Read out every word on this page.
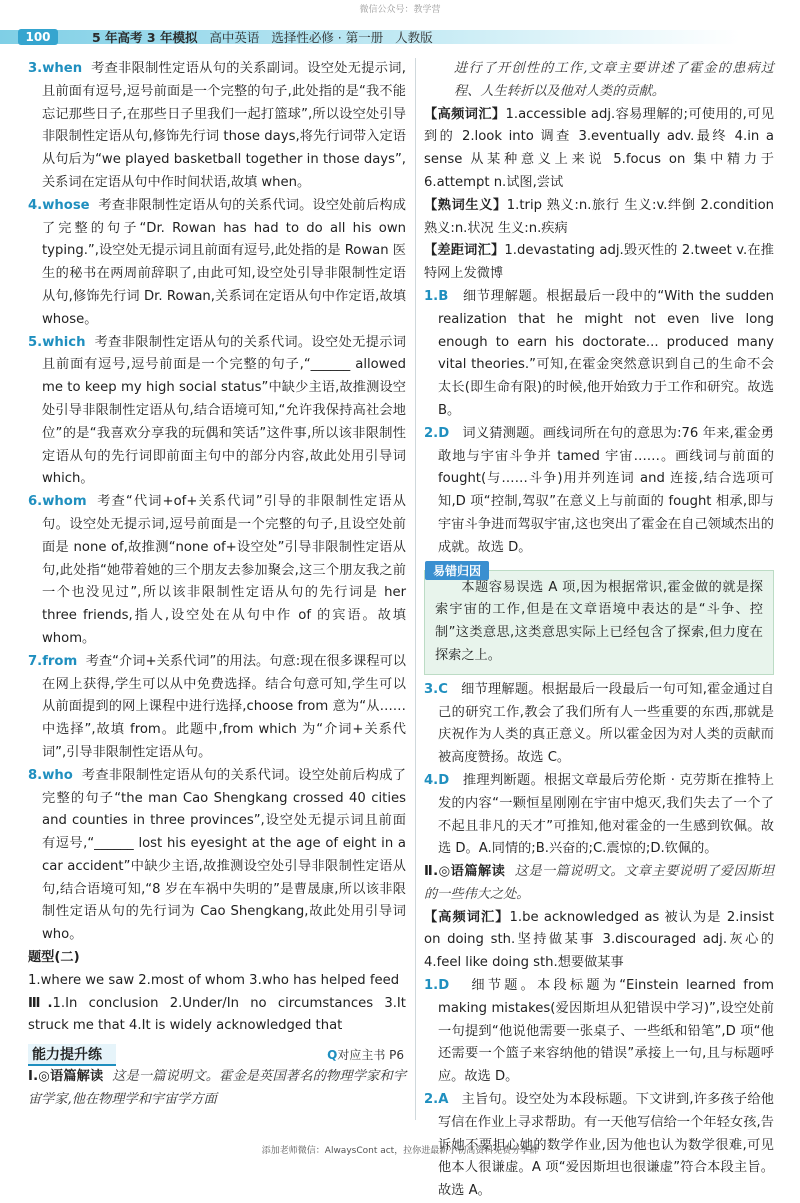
微信公众号：教学营
100	5 年高考 3 年模拟 高中英语 选择性必修 · 第一册 人教版
3.when 考查非限制性定语从句的关系副词。设空处无提示词,且前面有逗号,逗号前面是一个完整的句子,此处指的是“我不能忘记那些日子,在那些日子里我们一起打篮球”,所以设空处引导非限制性定语从句,修饰先行词 those days,将先行词带入定语从句后为“we played basketball together in those days”,关系词在定语从句中作时间状语,故填 when。
4.whose 考查非限制性定语从句的关系代词。设空处前后构成了完整的句子“Dr. Rowan has had to do all his own typing.”,设空处无提示词且前面有逗号,此处指的是 Rowan 医生的秘书在两周前辞职了,由此可知,设空处引导非限制性定语从句,修饰先行词 Dr. Rowan,关系词在定语从句中作定语,故填 whose。
5.which 考查非限制性定语从句的关系代词。设空处无提示词且前面有逗号,逗号前面是一个完整的句子,“______ allowed me to keep my high social status”中缺少主语,故推测设空处引导非限制性定语从句,结合语境可知,“允许我保持高社会地位”的是“我喜欢分享我的玩偶和笑话”这件事,所以该非限制性定语从句的先行词即前面主句中的部分内容,故此处用引导词 which。
6.whom 考查“代词+of+关系代词”引导的非限制性定语从句。设空处无提示词,逗号前面是一个完整的句子,且设空处前面是 none of,故推测“none of+设空处”引导非限制性定语从句,此处指“她带着她的三个朋友去参加聚会,这三个朋友我之前一个也没见过”,所以该非限制性定语从句的先行词是 her three friends,指人,设空处在从句中作 of 的宾语。故填 whom。
7.from 考查“介词+关系代词”的用法。句意:现在很多课程可以在网上获得,学生可以从中免费选择。结合句意可知,学生可以从前面提到的网上课程中进行选择,choose from 意为“从……中选择”,故填 from。此题中,from which 为“介词+关系代词”,引导非限制性定语从句。
8.who 考查非限制性定语从句的关系代词。设空处前后构成了完整的句子“the man Cao Shengkang crossed 40 cities and counties in three provinces”,设空处无提示词且前面有逗号,“______ lost his eyesight at the age of eight in a car accident”中缺少主语,故推测设空处引导非限制性定语从句,结合语境可知,“8 岁在车祸中失明的”是曹晟康,所以该非限制性定语从句的先行词为 Cao Shengkang,故此处用引导词 who。
题型(二)
1.where we saw 2.most of whom 3.who has helped feed
Ⅲ.1.In conclusion 2.Under/In no circumstances 3.It struck me that 4.It is widely acknowledged that
能力提升练	Q对应主书 P6
Ⅰ.◎语篇解读 这是一篇说明文。霍金是英国著名的物理学家和宇宙学家,他在物理学和宇宙学方面
进行了开创性的工作,文章主要讲述了霍金的患病过程、人生转折以及他对人类的贡献。
【高频词汇】1.accessible adj.容易理解的;可使用的,可见到的 2.look into 调查 3.eventually adv.最终 4.in a sense 从某种意义上来说 5.focus on 集中精力于 6.attempt n.试图,尝试
【熟词生义】1.trip 熟义:n.旅行 生义:v.绊倒 2.condition 熟义:n.状况 生义:n.疾病
【差距词汇】1.devastating adj.毁灭性的 2.tweet v.在推特网上发微博
1.B 细节理解题。根据最后一段中的“With the sudden realization that he might not even live long enough to earn his doctorate... produced many vital theories.”可知,在霍金突然意识到自己的生命不会太长(即生命有限)的时候,他开始致力于工作和研究。故选 B。
2.D 词义猜测题。画线词所在句的意思为:76 年来,霍金勇敢地与宇宙斗争并 tamed 宇宙……。画线词与前面的 fought(与……斗争)用并列连词 and 连接,结合选项可知,D 项“控制,驾驭”在意义上与前面的 fought 相承,即与宇宙斗争进而驾驭宇宙,这也突出了霍金在自己领域杰出的成就。故选 D。
易错归因
本题容易误选 A 项,因为根据常识,霍金做的就是探索宇宙的工作,但是在文章语境中表达的是“斗争、控制”这类意思,这类意思实际上已经包含了探索,但力度在探索之上。
3.C 细节理解题。根据最后一段最后一句可知,霍金通过自己的研究工作,教会了我们所有人一些重要的东西,那就是庆祝作为人类的真正意义。所以霍金因为对人类的贡献而被高度赞扬。故选 C。
4.D 推理判断题。根据文章最后劳伦斯 · 克劳斯在推特上发的内容“一颗恒星刚刚在宇宙中熄灭,我们失去了一个了不起且非凡的天才”可推知,他对霍金的一生感到钦佩。故选 D。A.同情的;B.兴奋的;C.震惊的;D.钦佩的。
Ⅱ.◎语篇解读 这是一篇说明文。文章主要说明了爱因斯坦的一些伟大之处。
【高频词汇】1.be acknowledged as 被认为是 2.insist on doing sth.坚持做某事 3.discouraged adj.灰心的 4.feel like doing sth.想要做某事
1.D 细节题。本段标题为“Einstein learned from making mistakes(爱因斯坦从犯错误中学习)”,设空处前一句提到“他说他需要一张桌子、一些纸和铅笔”,D 项“他还需要一个篮子来容纳他的错误”承接上一句,且与标题呼应。故选 D。
2.A 主旨句。设空处为本段标题。下文讲到,许多孩子给他写信在作业上寻求帮助。有一天他写信给一个年轻女孩,告诉她不要担心她的数学作业,因为他也认为数学很难,可见他本人很谦虚。A 项“爱因斯坦也很谦虚”符合本段主旨。故选 A。
添加老师微信：AlwaysCont act，拉你进最新小初高资料免费分享群
